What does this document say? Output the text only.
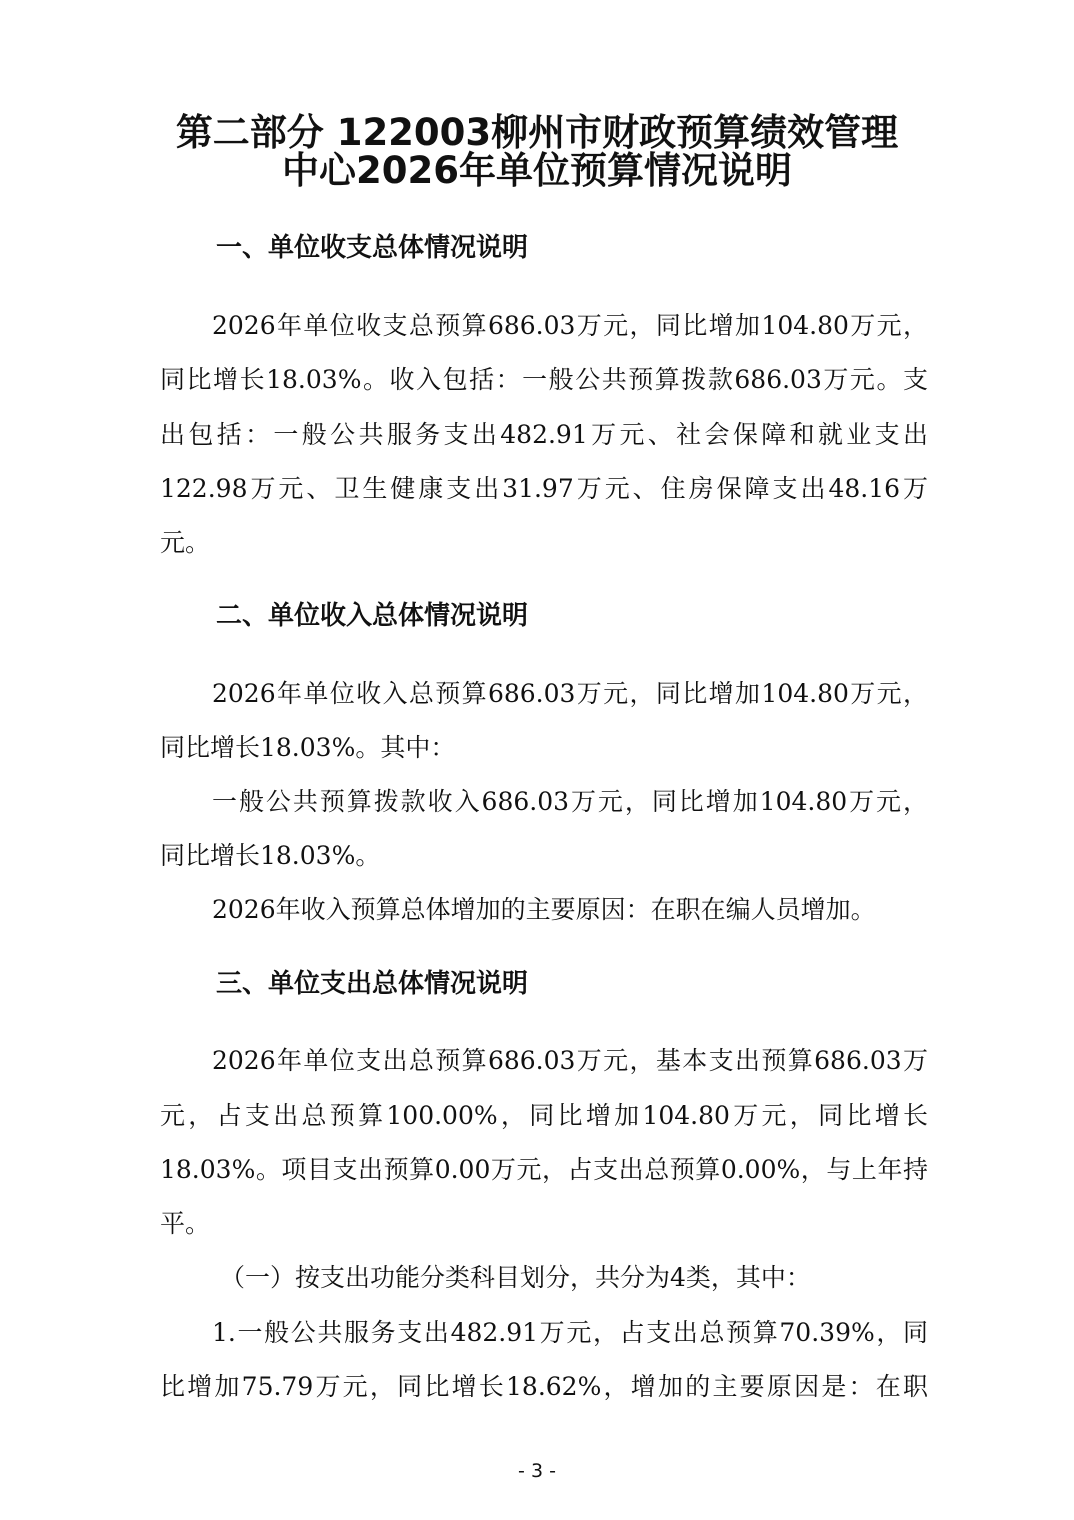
第二部分 122003柳州市财政预算绩效管理
中心2026年单位预算情况说明
一、单位收支总体情况说明
2026年单位收支总预算686.03万元，同比增加104.80万元，
同比增长18.03%。收入包括：一般公共预算拨款686.03万元。支
出包括：一般公共服务支出482.91万元、社会保障和就业支出
122.98万元、卫生健康支出31.97万元、住房保障支出48.16万
元。
二、单位收入总体情况说明
2026年单位收入总预算686.03万元，同比增加104.80万元，
同比增长18.03%。其中：
一般公共预算拨款收入686.03万元，同比增加104.80万元，
同比增长18.03%。
2026年收入预算总体增加的主要原因：在职在编人员增加。
三、单位支出总体情况说明
2026年单位支出总预算686.03万元，基本支出预算686.03万
元，占支出总预算100.00%，同比增加104.80万元，同比增长
18.03%。项目支出预算0.00万元，占支出总预算0.00%，与上年持
平。
（一）按支出功能分类科目划分，共分为4类，其中：
1.一般公共服务支出482.91万元，占支出总预算70.39%，同
比增加75.79万元，同比增长18.62%，增加的主要原因是：在职
- 3 -
